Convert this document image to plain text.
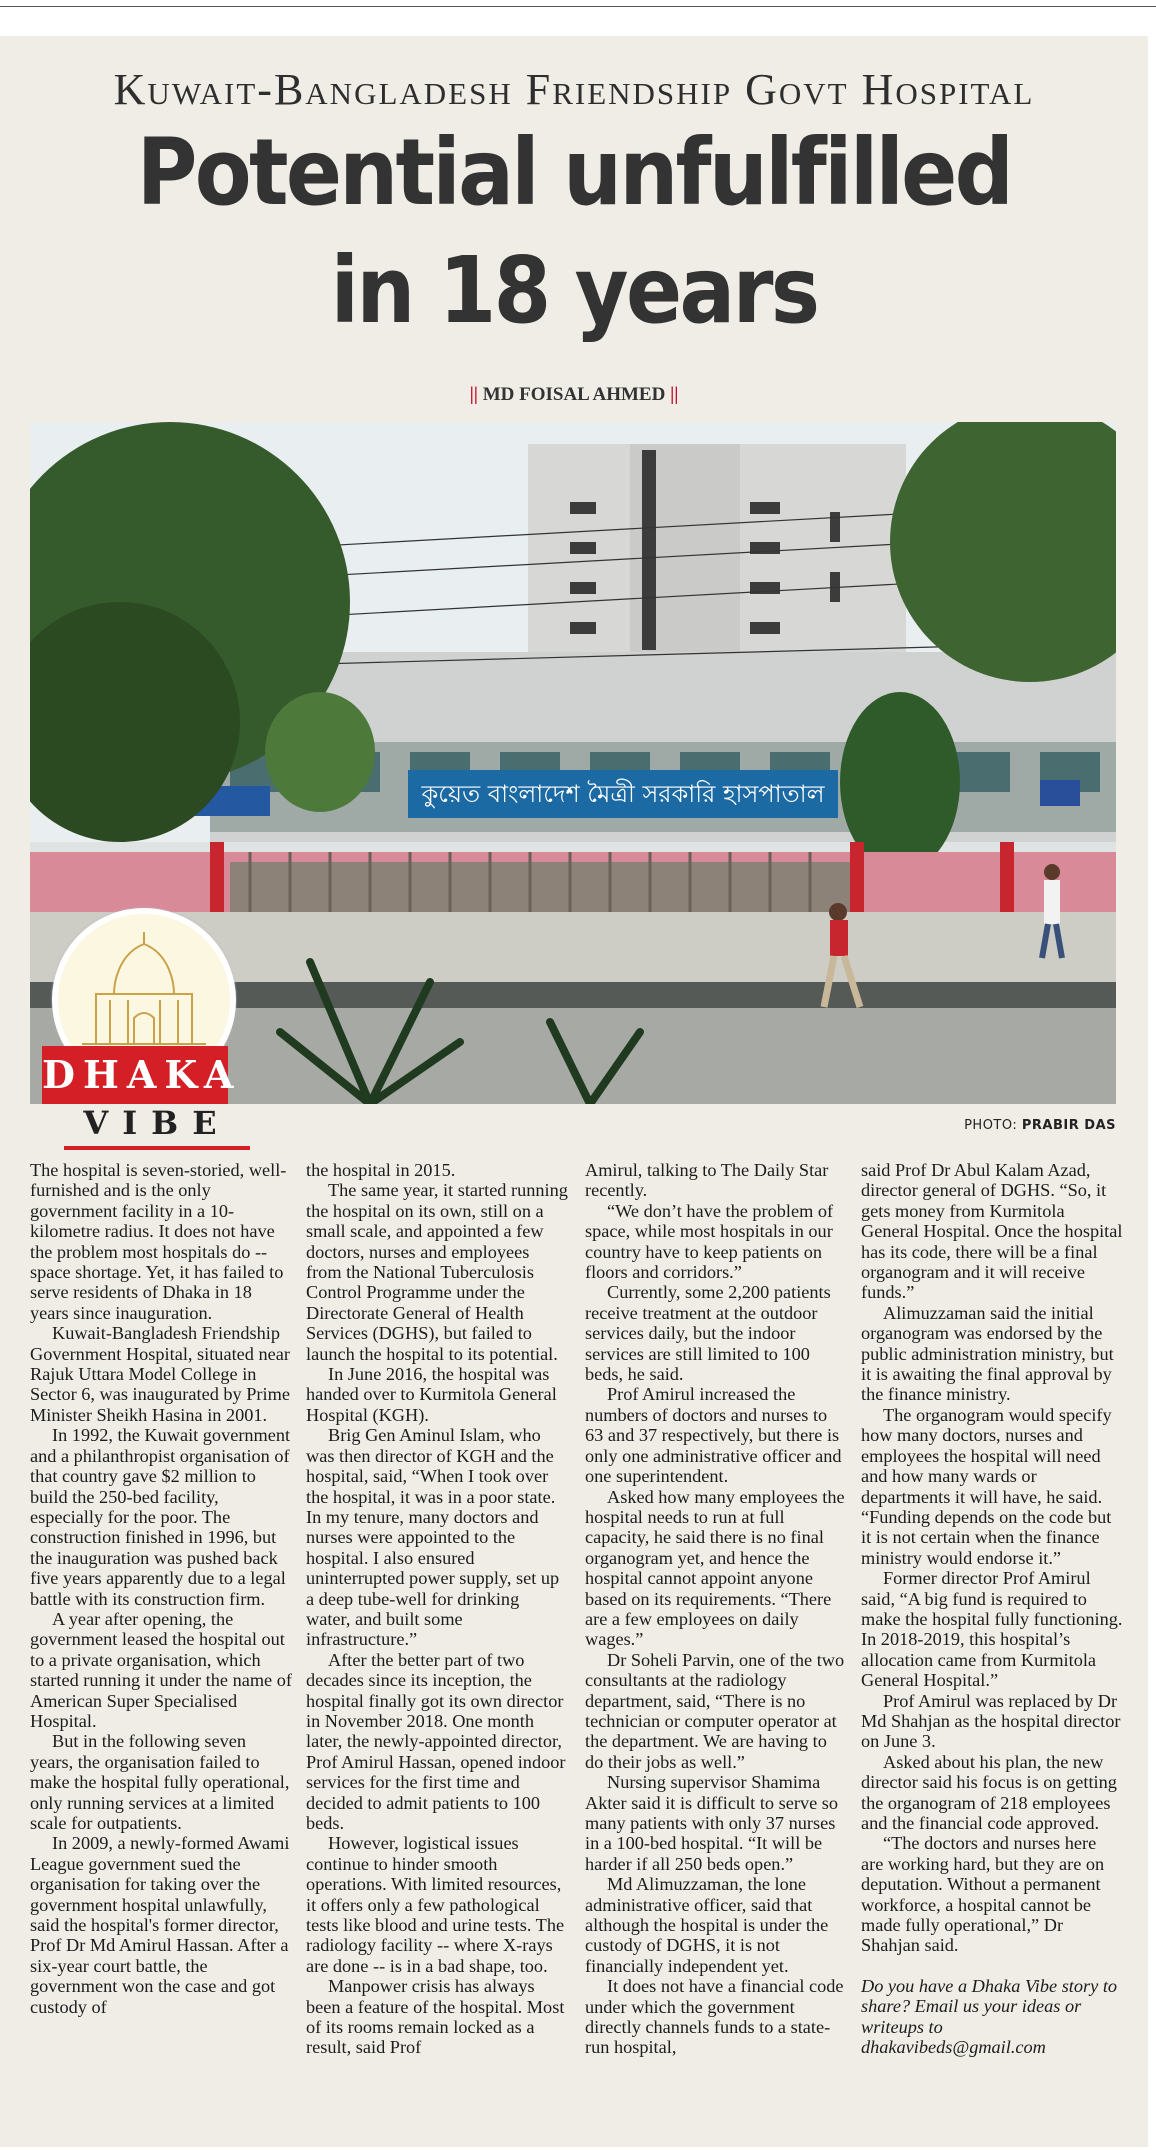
Kuwait-Bangladesh Friendship Govt Hospital
Potential unfulfilled
in 18 years
|| MD FOISAL AHMED ||
কুয়েত বাংলাদেশ মৈত্রী সরকারি হাসপাতাল
DHAKA
VIBE	PHOTO: PRABIR DAS

The hospital is seven-storied, well-furnished and is the only government facility in a 10-kilometre radius. It does not have the problem most hospitals do -- space shortage. Yet, it has failed to serve residents of Dhaka in 18 years since inauguration.

Kuwait-Bangladesh Friendship Government Hospital, situated near Rajuk Uttara Model College in Sector 6, was inaugurated by Prime Minister Sheikh Hasina in 2001.

In 1992, the Kuwait government and a philanthropist organisation of that country gave $2 million to build the 250-bed facility, especially for the poor. The construction finished in 1996, but the inauguration was pushed back five years apparently due to a legal battle with its construction firm.

A year after opening, the government leased the hospital out to a private organisation, which started running it under the name of American Super Specialised Hospital.

But in the following seven years, the organisation failed to make the hospital fully operational, only running services at a limited scale for outpatients.

In 2009, a newly-formed Awami League government sued the organisation for taking over the government hospital unlawfully, said the hospital's former director, Prof Dr Md Amirul Hassan. After a six-year court battle, the government won the case and got custody of

the hospital in 2015.

The same year, it started running the hospital on its own, still on a small scale, and appointed a few doctors, nurses and employees from the National Tuberculosis Control Programme under the Directorate General of Health Services (DGHS), but failed to launch the hospital to its potential.

In June 2016, the hospital was handed over to Kurmitola General Hospital (KGH).

Brig Gen Aminul Islam, who was then director of KGH and the hospital, said, “When I took over the hospital, it was in a poor state. In my tenure, many doctors and nurses were appointed to the hospital. I also ensured uninterrupted power supply, set up a deep tube-well for drinking water, and built some infrastructure.”

After the better part of two decades since its inception, the hospital finally got its own director in November 2018. One month later, the newly-appointed director, Prof Amirul Hassan, opened indoor services for the first time and decided to admit patients to 100 beds.

However, logistical issues continue to hinder smooth operations. With limited resources, it offers only a few pathological tests like blood and urine tests. The radiology facility -- where X-rays are done -- is in a bad shape, too.

Manpower crisis has always been a feature of the hospital. Most of its rooms remain locked as a result, said Prof

Amirul, talking to The Daily Star recently.

“We don’t have the problem of space, while most hospitals in our country have to keep patients on floors and corridors.”

Currently, some 2,200 patients receive treatment at the outdoor services daily, but the indoor services are still limited to 100 beds, he said.

Prof Amirul increased the numbers of doctors and nurses to 63 and 37 respectively, but there is only one administrative officer and one superintendent.

Asked how many employees the hospital needs to run at full capacity, he said there is no final organogram yet, and hence the hospital cannot appoint anyone based on its requirements. “There are a few employees on daily wages.”

Dr Soheli Parvin, one of the two consultants at the radiology department, said, “There is no technician or computer operator at the department. We are having to do their jobs as well.”

Nursing supervisor Shamima Akter said it is difficult to serve so many patients with only 37 nurses in a 100-bed hospital. “It will be harder if all 250 beds open.”

Md Alimuzzaman, the lone administrative officer, said that although the hospital is under the custody of DGHS, it is not financially independent yet.

It does not have a financial code under which the government directly channels funds to a state-run hospital,

said Prof Dr Abul Kalam Azad, director general of DGHS. “So, it gets money from Kurmitola General Hospital. Once the hospital has its code, there will be a final organogram and it will receive funds.”

Alimuzzaman said the initial organogram was endorsed by the public administration ministry, but it is awaiting the final approval by the finance ministry.

The organogram would specify how many doctors, nurses and employees the hospital will need and how many wards or departments it will have, he said. “Funding depends on the code but it is not certain when the finance ministry would endorse it.”

Former director Prof Amirul said, “A big fund is required to make the hospital fully functioning. In 2018-2019, this hospital’s allocation came from Kurmitola General Hospital.”

Prof Amirul was replaced by Dr Md Shahjan as the hospital director on June 3.

Asked about his plan, the new director said his focus is on getting the organogram of 218 employees and the financial code approved.

“The doctors and nurses here are working hard, but they are on deputation. Without a permanent workforce, a hospital cannot be made fully operational,” Dr Shahjan said.

Do you have a Dhaka Vibe story to share? Email us your ideas or writeups to dhakavibeds@gmail.com
